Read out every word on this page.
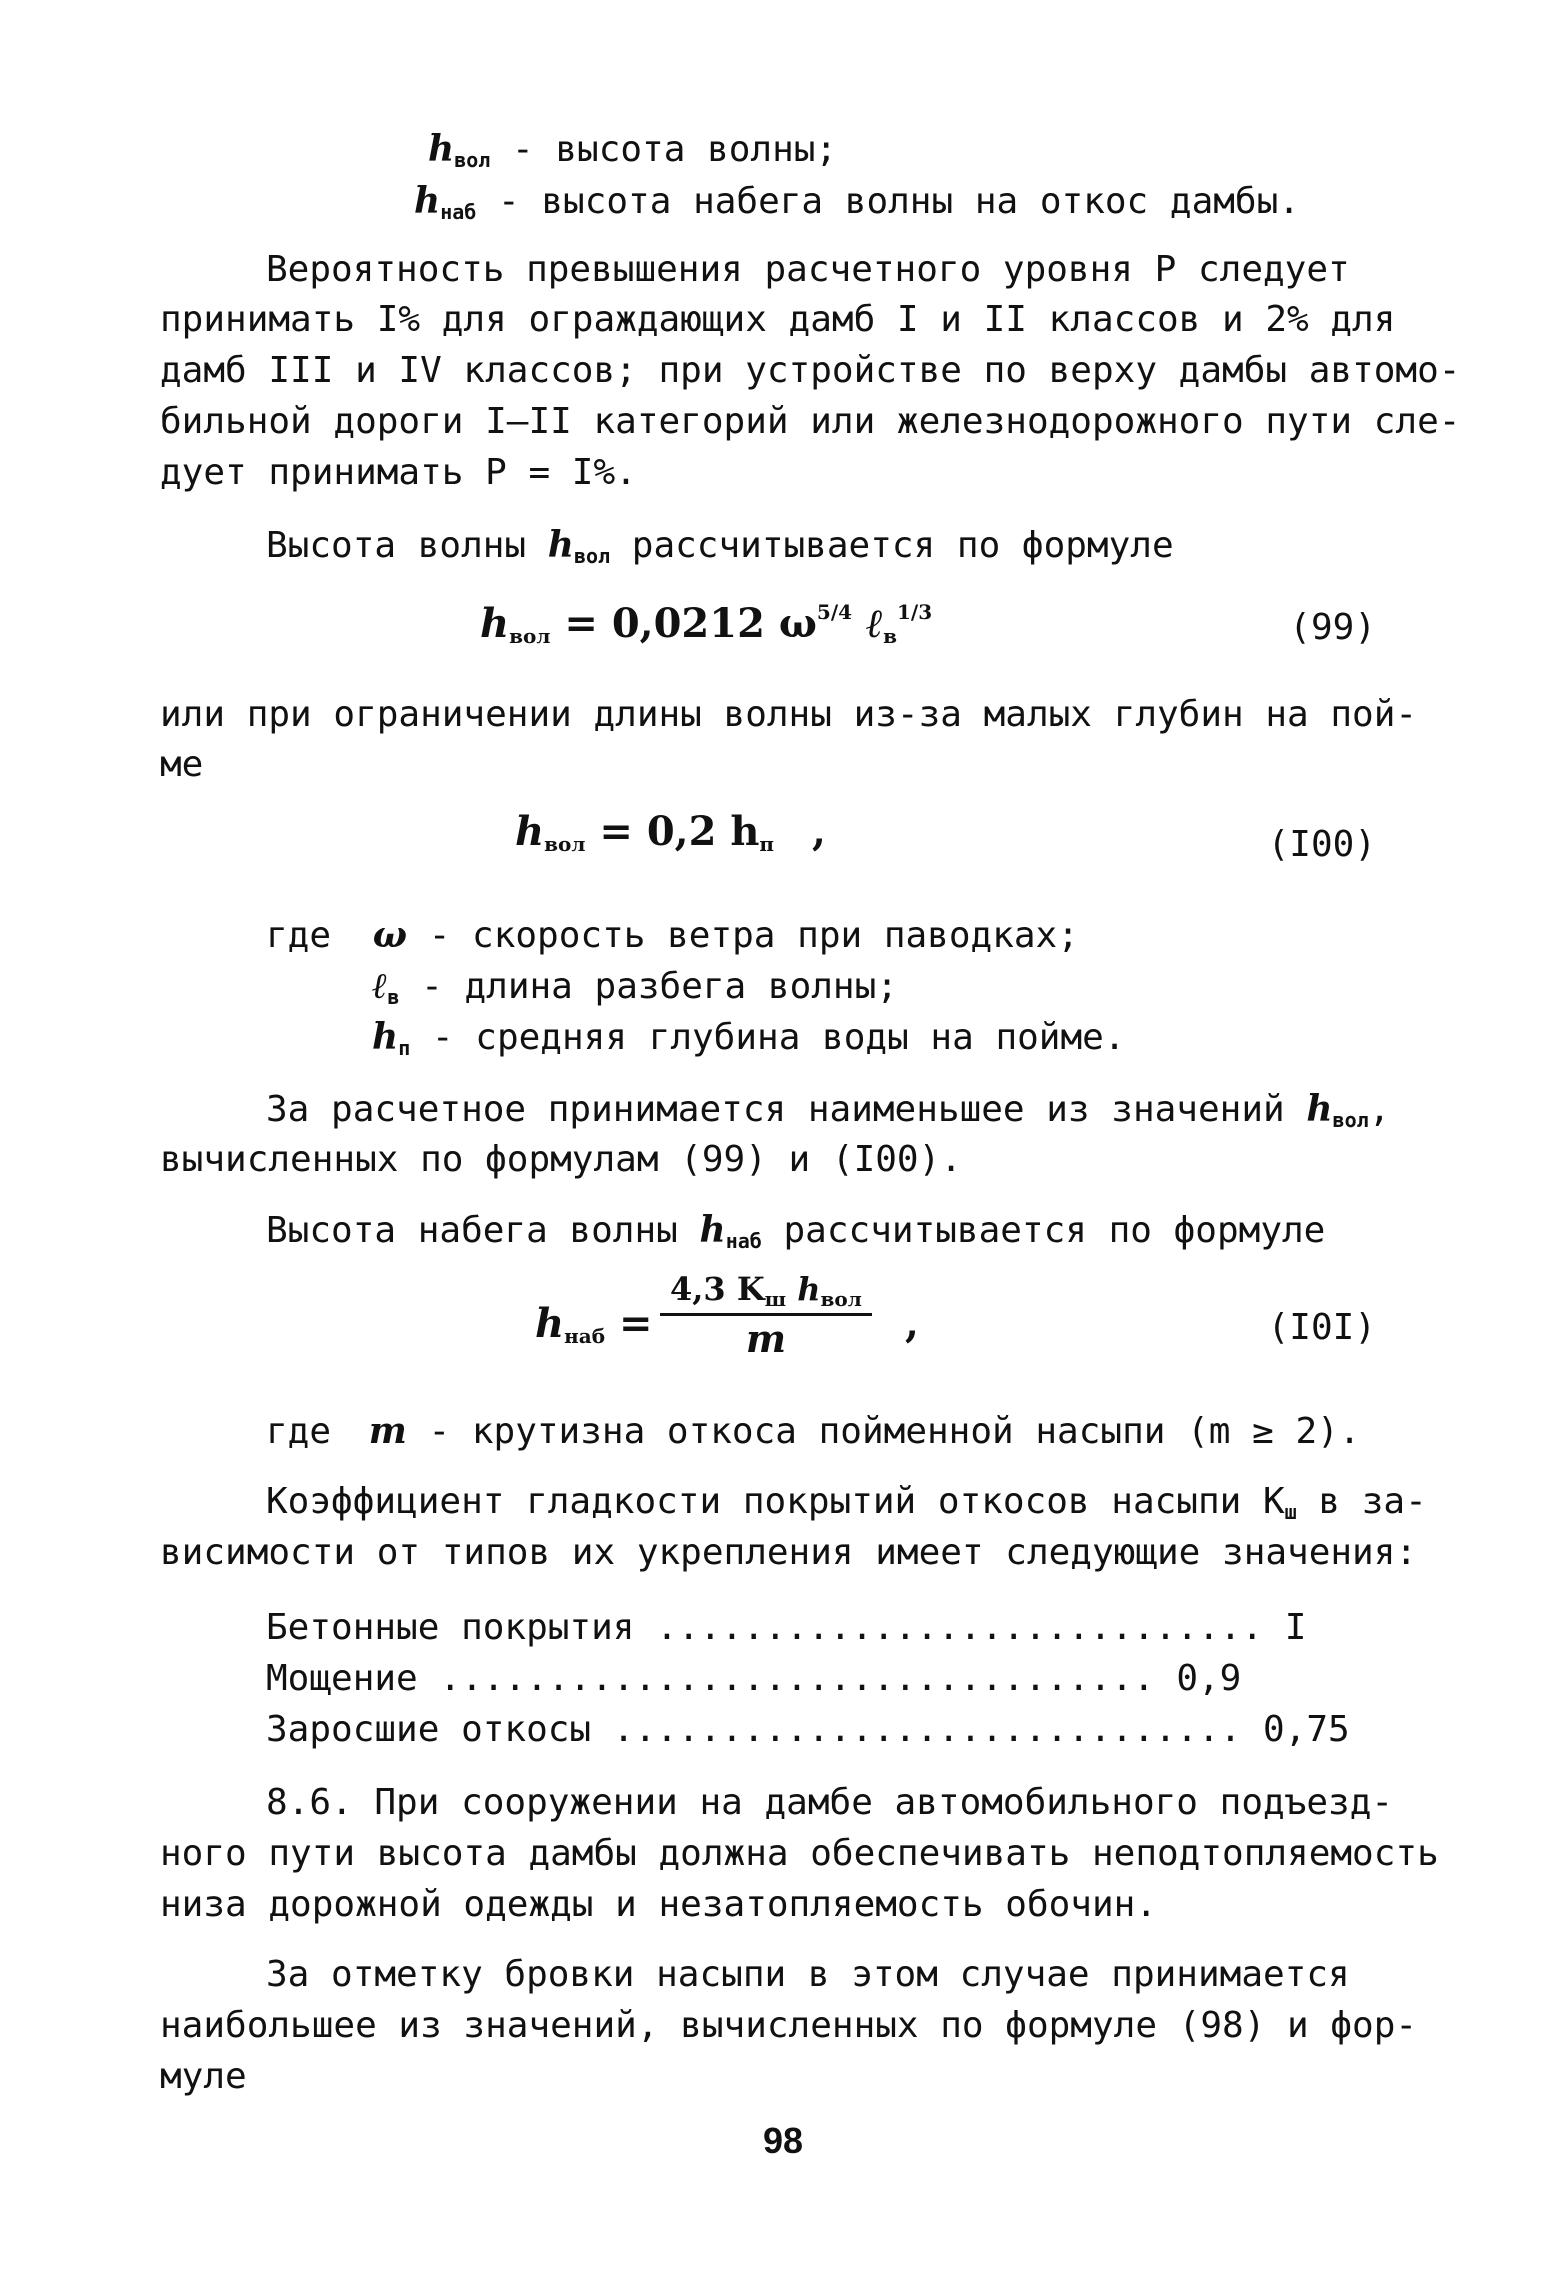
$h_{вол}$ - высота волны;
$h_{наб}$ - высота набега волны на откос дамбы.
Вероятность превышения расчетного уровня P следует
принимать I% для ограждающих дамб I и II классов и 2% для
дамб III и IV классов; при устройстве по верху дамбы автомо-
бильной дороги I–II категорий или железнодорожного пути сле-
дует принимать P = I%.
Высота волны $h_{вол}$ рассчитывается по формуле
$h_{вол} = 0,0212$ $\omega^{5/4}$ ℓ$_в^{1/3}$	(99)
или при ограничении длины волны из-за малых глубин на пой-
ме
$h_{вол} = 0,2$ $h_п$ ,	(I00)
где ω - скорость ветра при паводках;
ℓ$_в$ - длина разбега волны;
$h_п$ - средняя глубина воды на пойме.
За расчетное принимается наименьшее из значений $h_{вол}$,
вычисленных по формулам (99) и (I00).
Высота набега волны $h_{наб}$ рассчитывается по формуле
$h_{наб}$ =
4,3 $K_ш$ $h_{вол}$
m	,	(I0I)
где m - крутизна откоса пойменной насыпи (m ≥ 2).
Коэффициент гладкости покрытий откосов насыпи $K_ш$ в за-
висимости от типов их укрепления имеет следующие значения:
Бетонные покрытия ............................ I
Мощение ................................. 0,9
Заросшие откосы ............................. 0,75
8.6. При сооружении на дамбе автомобильного подъезд-
ного пути высота дамбы должна обеспечивать неподтопляемость
низа дорожной одежды и незатопляемость обочин.
За отметку бровки насыпи в этом случае принимается
наибольшее из значений, вычисленных по формуле (98) и фор-
муле
98
